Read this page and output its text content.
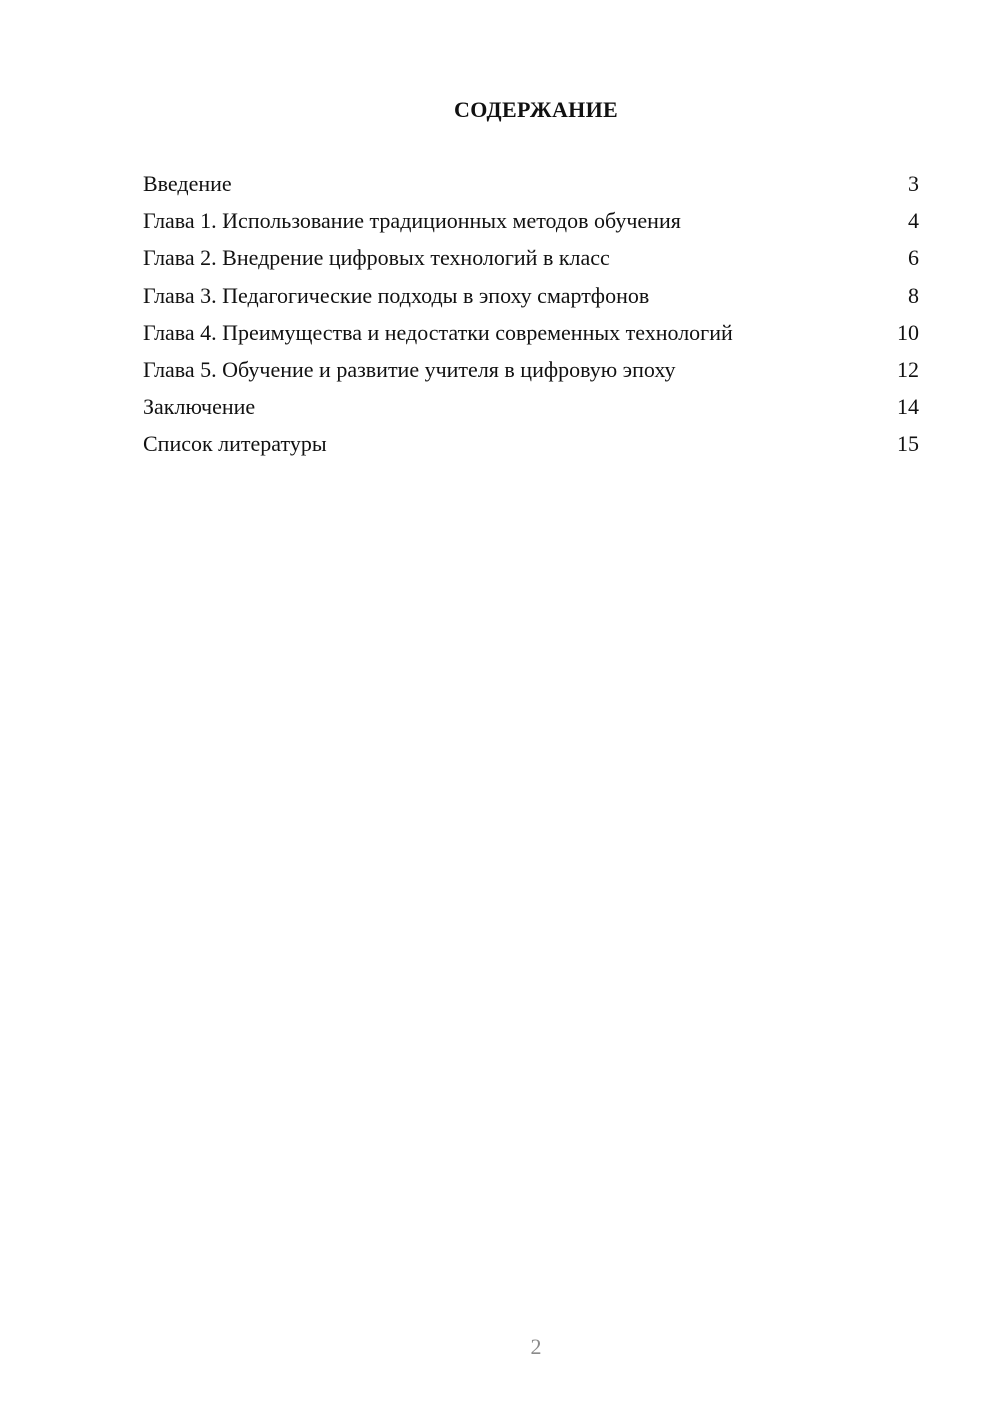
СОДЕРЖАНИЕ
Введение	3
Глава 1. Использование традиционных методов обучения	4
Глава 2. Внедрение цифровых технологий в класс	6
Глава 3. Педагогические подходы в эпоху смартфонов	8
Глава 4. Преимущества и недостатки современных технологий	10
Глава 5. Обучение и развитие учителя в цифровую эпоху	12
Заключение	14
Список литературы	15
2
